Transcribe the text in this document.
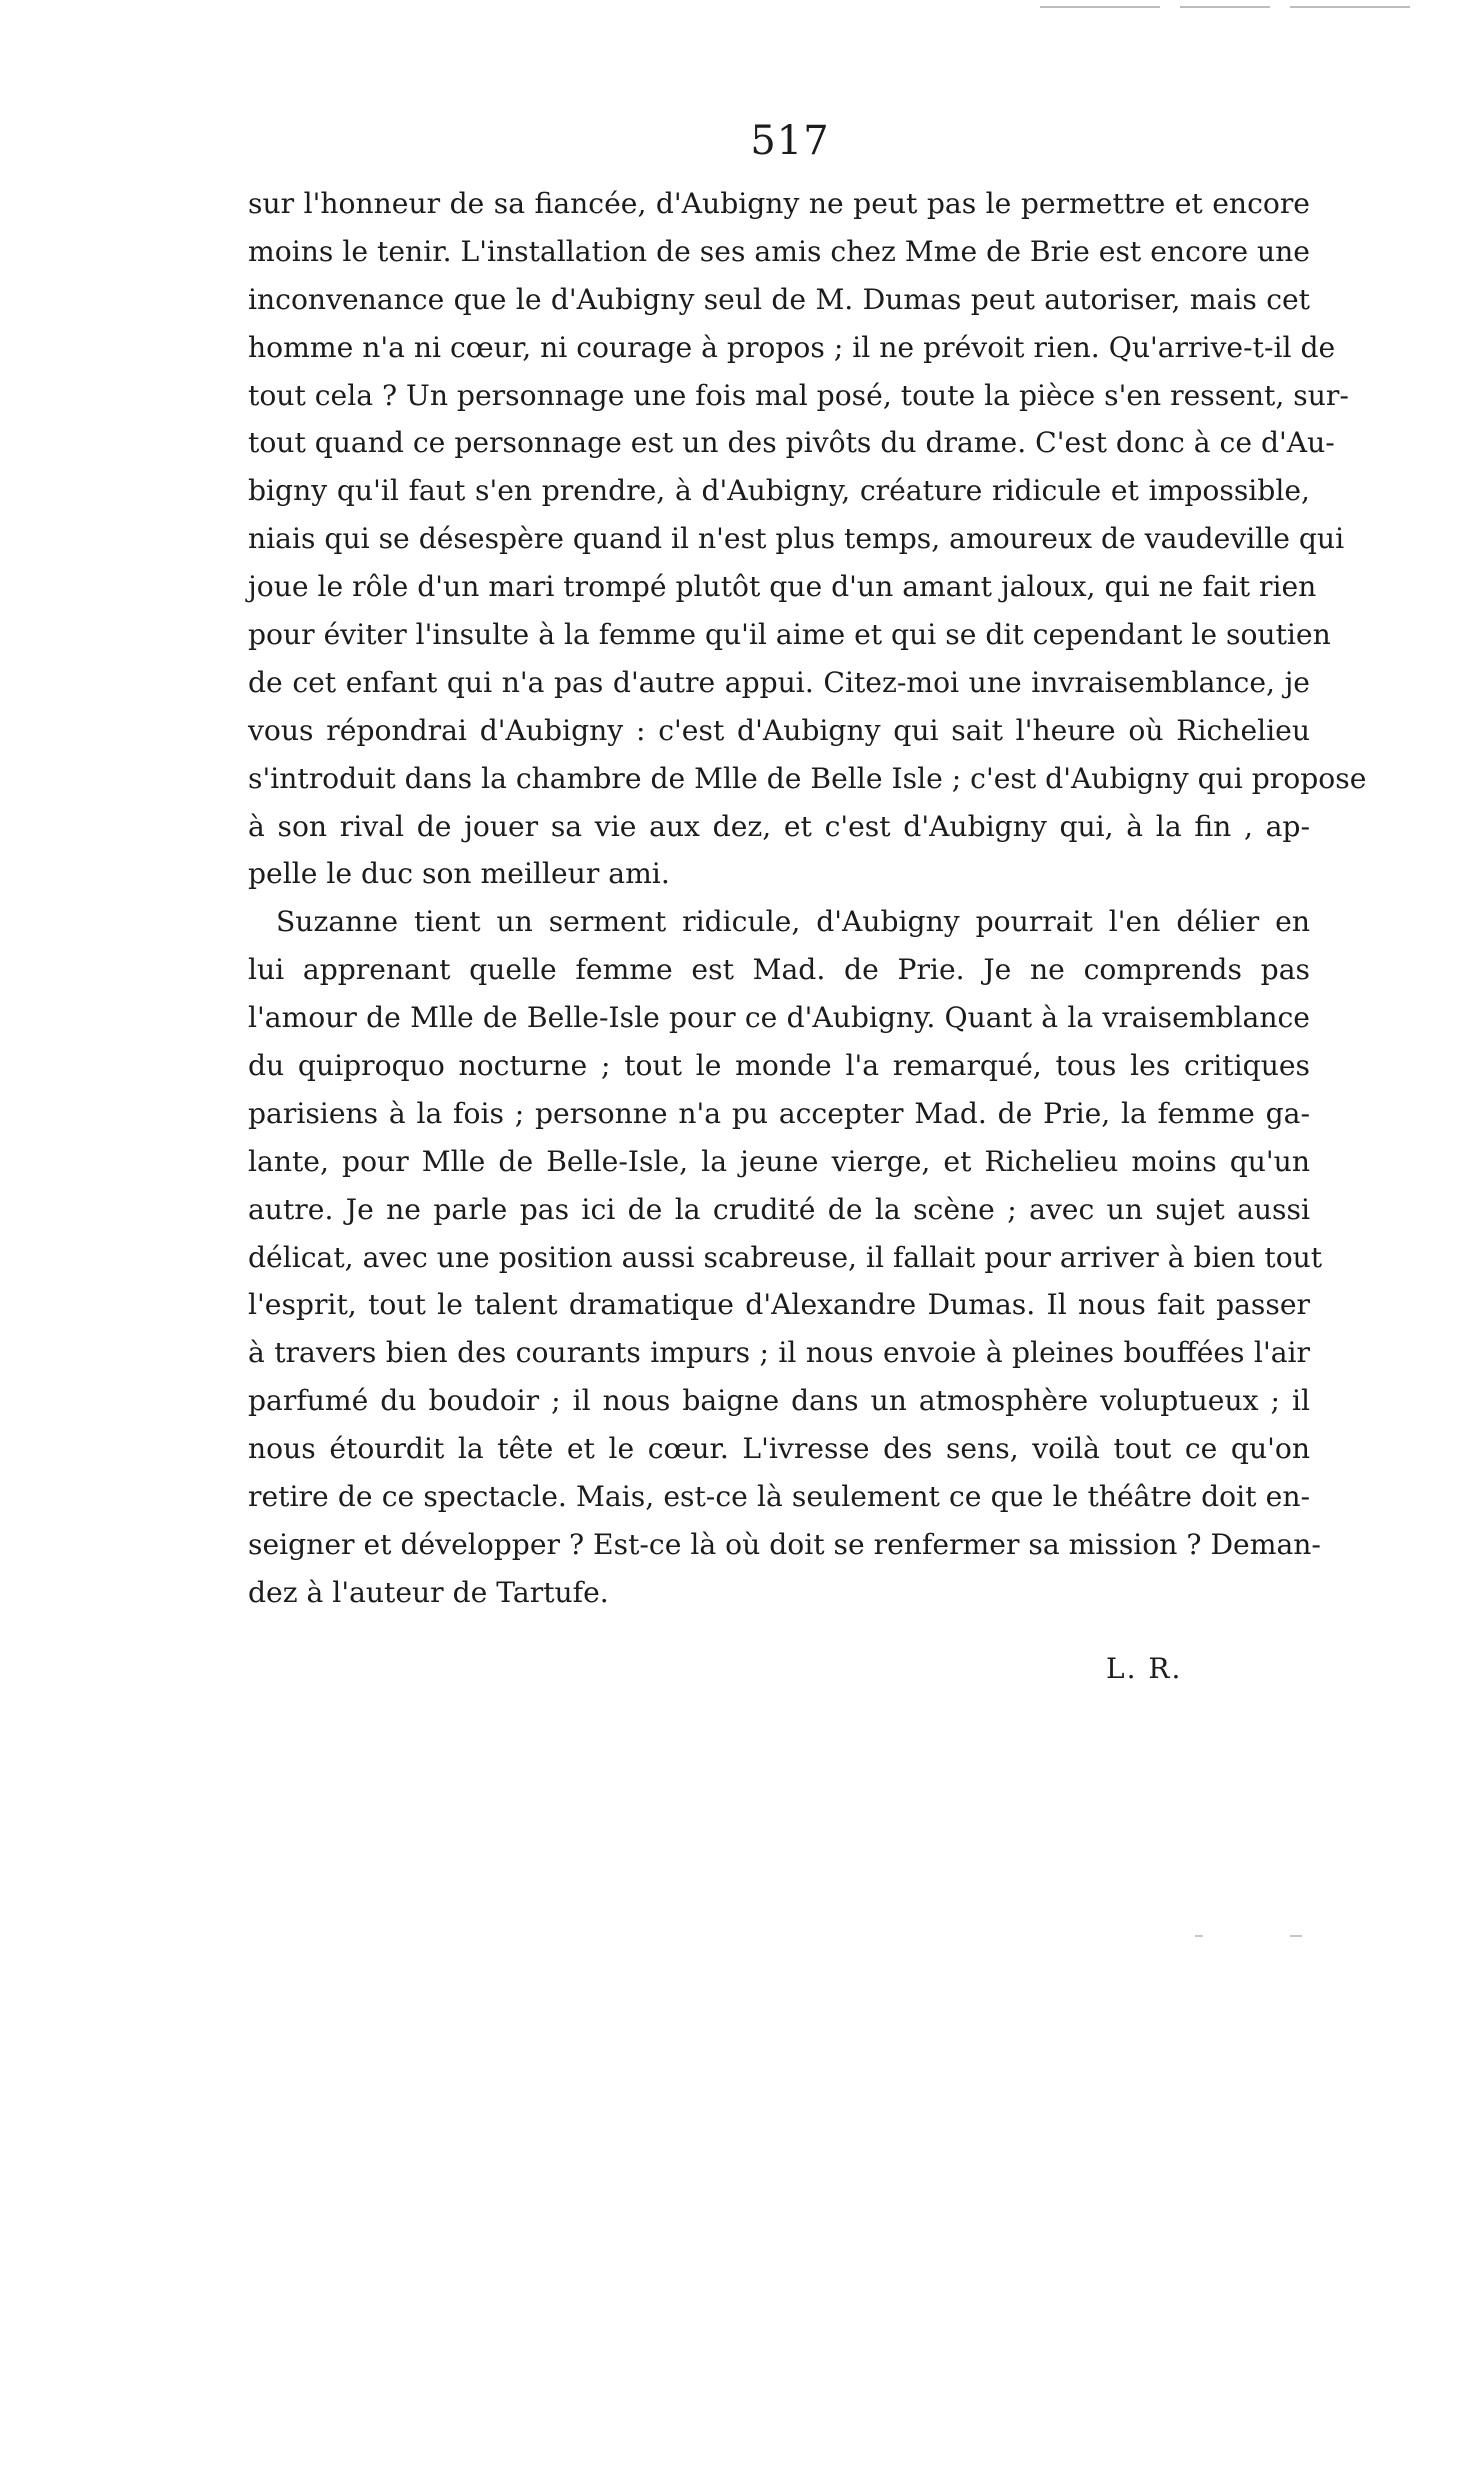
517
sur l'honneur de sa fiancée, d'Aubigny ne peut pas le permettre et encore
moins le tenir. L'installation de ses amis chez Mme de Brie est encore une
inconvenance que le d'Aubigny seul de M. Dumas peut autoriser, mais cet
homme n'a ni cœur, ni courage à propos ; il ne prévoit rien. Qu'arrive-t-il de
tout cela ? Un personnage une fois mal posé, toute la pièce s'en ressent, sur-
tout quand ce personnage est un des pivôts du drame. C'est donc à ce d'Au-
bigny qu'il faut s'en prendre, à d'Aubigny, créature ridicule et impossible,
niais qui se désespère quand il n'est plus temps, amoureux de vaudeville qui
joue le rôle d'un mari trompé plutôt que d'un amant jaloux, qui ne fait rien
pour éviter l'insulte à la femme qu'il aime et qui se dit cependant le soutien
de cet enfant qui n'a pas d'autre appui. Citez-moi une invraisemblance, je
vous répondrai d'Aubigny : c'est d'Aubigny qui sait l'heure où Richelieu
s'introduit dans la chambre de Mlle de Belle Isle ; c'est d'Aubigny qui propose
à son rival de jouer sa vie aux dez, et c'est d'Aubigny qui, à la fin , ap-
pelle le duc son meilleur ami.
Suzanne tient un serment ridicule, d'Aubigny pourrait l'en délier en
lui apprenant quelle femme est Mad. de Prie. Je ne comprends pas
l'amour de Mlle de Belle-Isle pour ce d'Aubigny. Quant à la vraisemblance
du quiproquo nocturne ; tout le monde l'a remarqué, tous les critiques
parisiens à la fois ; personne n'a pu accepter Mad. de Prie, la femme ga-
lante, pour Mlle de Belle-Isle, la jeune vierge, et Richelieu moins qu'un
autre. Je ne parle pas ici de la crudité de la scène ; avec un sujet aussi
délicat, avec une position aussi scabreuse, il fallait pour arriver à bien tout
l'esprit, tout le talent dramatique d'Alexandre Dumas. Il nous fait passer
à travers bien des courants impurs ; il nous envoie à pleines bouffées l'air
parfumé du boudoir ; il nous baigne dans un atmosphère voluptueux ; il
nous étourdit la tête et le cœur. L'ivresse des sens, voilà tout ce qu'on
retire de ce spectacle. Mais, est-ce là seulement ce que le théâtre doit en-
seigner et développer ? Est-ce là où doit se renfermer sa mission ? Deman-
dez à l'auteur de Tartufe.
L. R.
